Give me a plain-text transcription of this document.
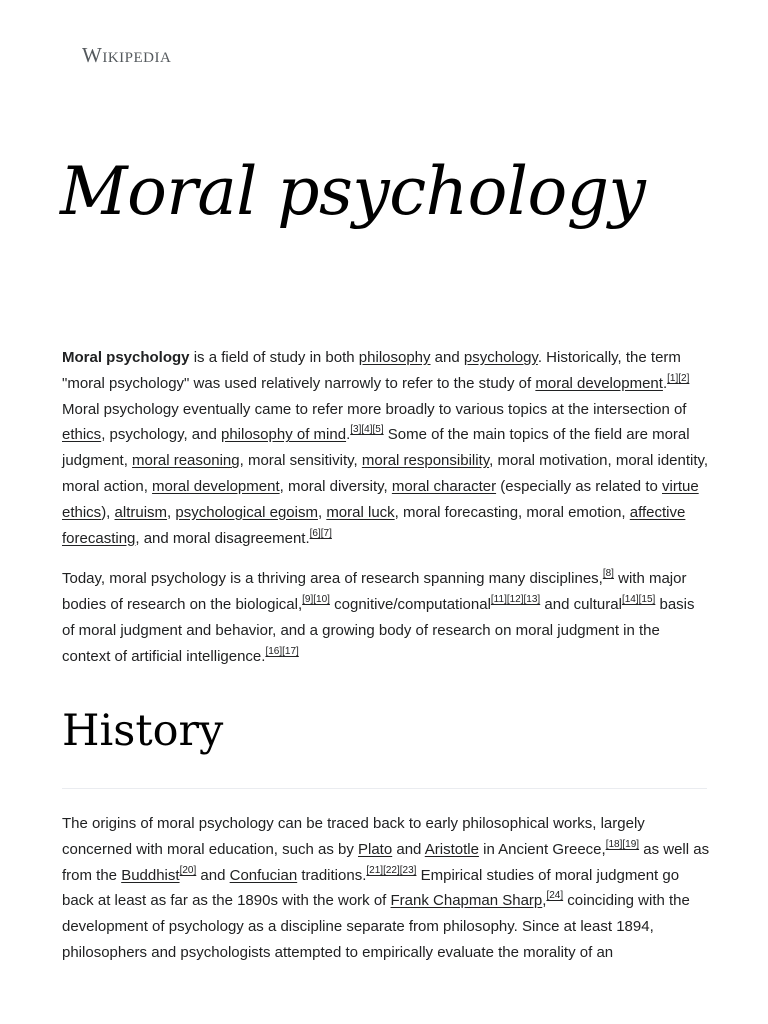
Wikipedia
Moral psychology

Moral psychology is a field of study in both philosophy and psychology. Historically, the term "moral psychology" was used relatively narrowly to refer to the study of moral development.[1][2] Moral psychology eventually came to refer more broadly to various topics at the intersection of ethics, psychology, and philosophy of mind.[3][4][5] Some of the main topics of the field are moral judgment, moral reasoning, moral sensitivity, moral responsibility, moral motivation, moral identity, moral action, moral development, moral diversity, moral character (especially as related to virtue ethics), altruism, psychological egoism, moral luck, moral forecasting, moral emotion, affective forecasting, and moral disagreement.[6][7]

Today, moral psychology is a thriving area of research spanning many disciplines,[8] with major bodies of research on the biological,[9][10] cognitive/computational[11][12][13] and cultural[14][15] basis of moral judgment and behavior, and a growing body of research on moral judgment in the context of artificial intelligence.[16][17]

History

The origins of moral psychology can be traced back to early philosophical works, largely concerned with moral education, such as by Plato and Aristotle in Ancient Greece,[18][19] as well as from the Buddhist[20] and Confucian traditions.[21][22][23] Empirical studies of moral judgment go back at least as far as the 1890s with the work of Frank Chapman Sharp,[24] coinciding with the development of psychology as a discipline separate from philosophy. Since at least 1894, philosophers and psychologists attempted to empirically evaluate the morality of an
